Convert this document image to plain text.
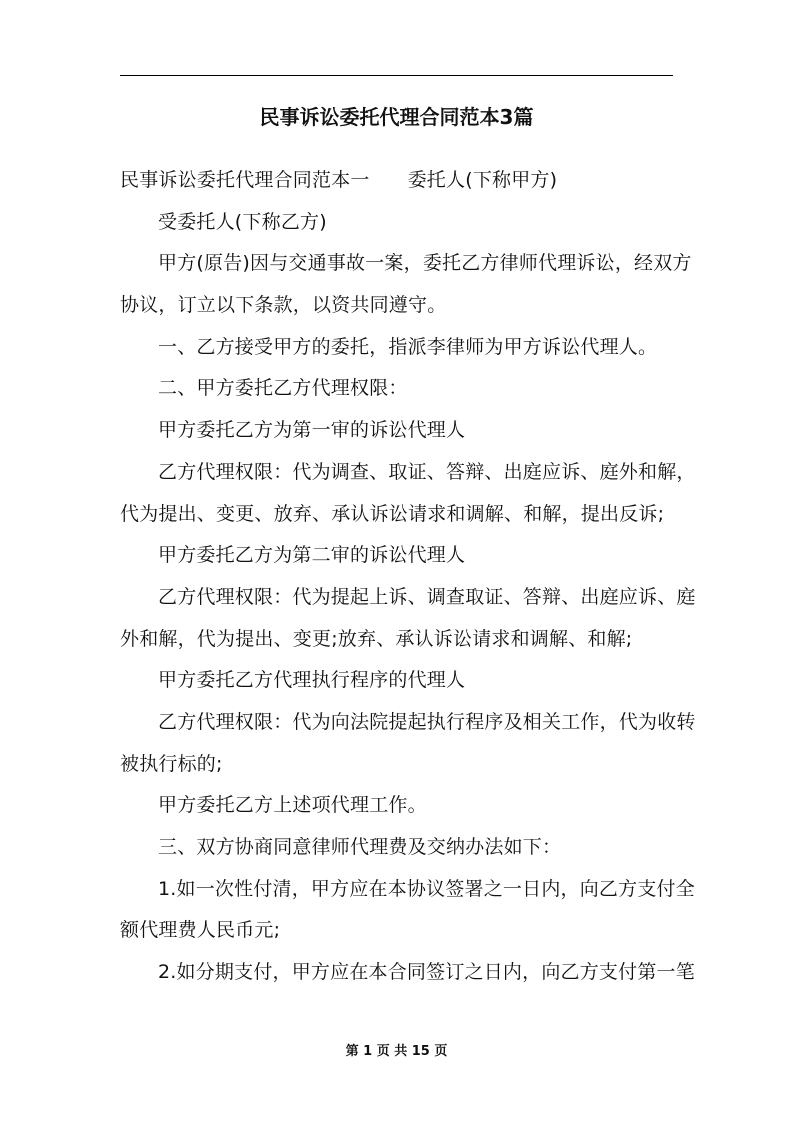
民事诉讼委托代理合同范本3篇
民事诉讼委托代理合同范本一 委托人(下称甲方)
受委托人(下称乙方)
甲方(原告)因与交通事故一案，委托乙方律师代理诉讼，经双方
协议，订立以下条款，以资共同遵守。
一、乙方接受甲方的委托，指派李律师为甲方诉讼代理人。
二、甲方委托乙方代理权限：
甲方委托乙方为第一审的诉讼代理人
乙方代理权限：代为调查、取证、答辩、出庭应诉、庭外和解，
代为提出、变更、放弃、承认诉讼请求和调解、和解，提出反诉;
甲方委托乙方为第二审的诉讼代理人
乙方代理权限：代为提起上诉、调查取证、答辩、出庭应诉、庭
外和解，代为提出、变更;放弃、承认诉讼请求和调解、和解;
甲方委托乙方代理执行程序的代理人
乙方代理权限：代为向法院提起执行程序及相关工作，代为收转
被执行标的;
甲方委托乙方上述项代理工作。
三、双方协商同意律师代理费及交纳办法如下：
1.如一次性付清，甲方应在本协议签署之一日内，向乙方支付全
额代理费人民币元;
2.如分期支付，甲方应在本合同签订之日内，向乙方支付第一笔
第 1 页 共 15 页
